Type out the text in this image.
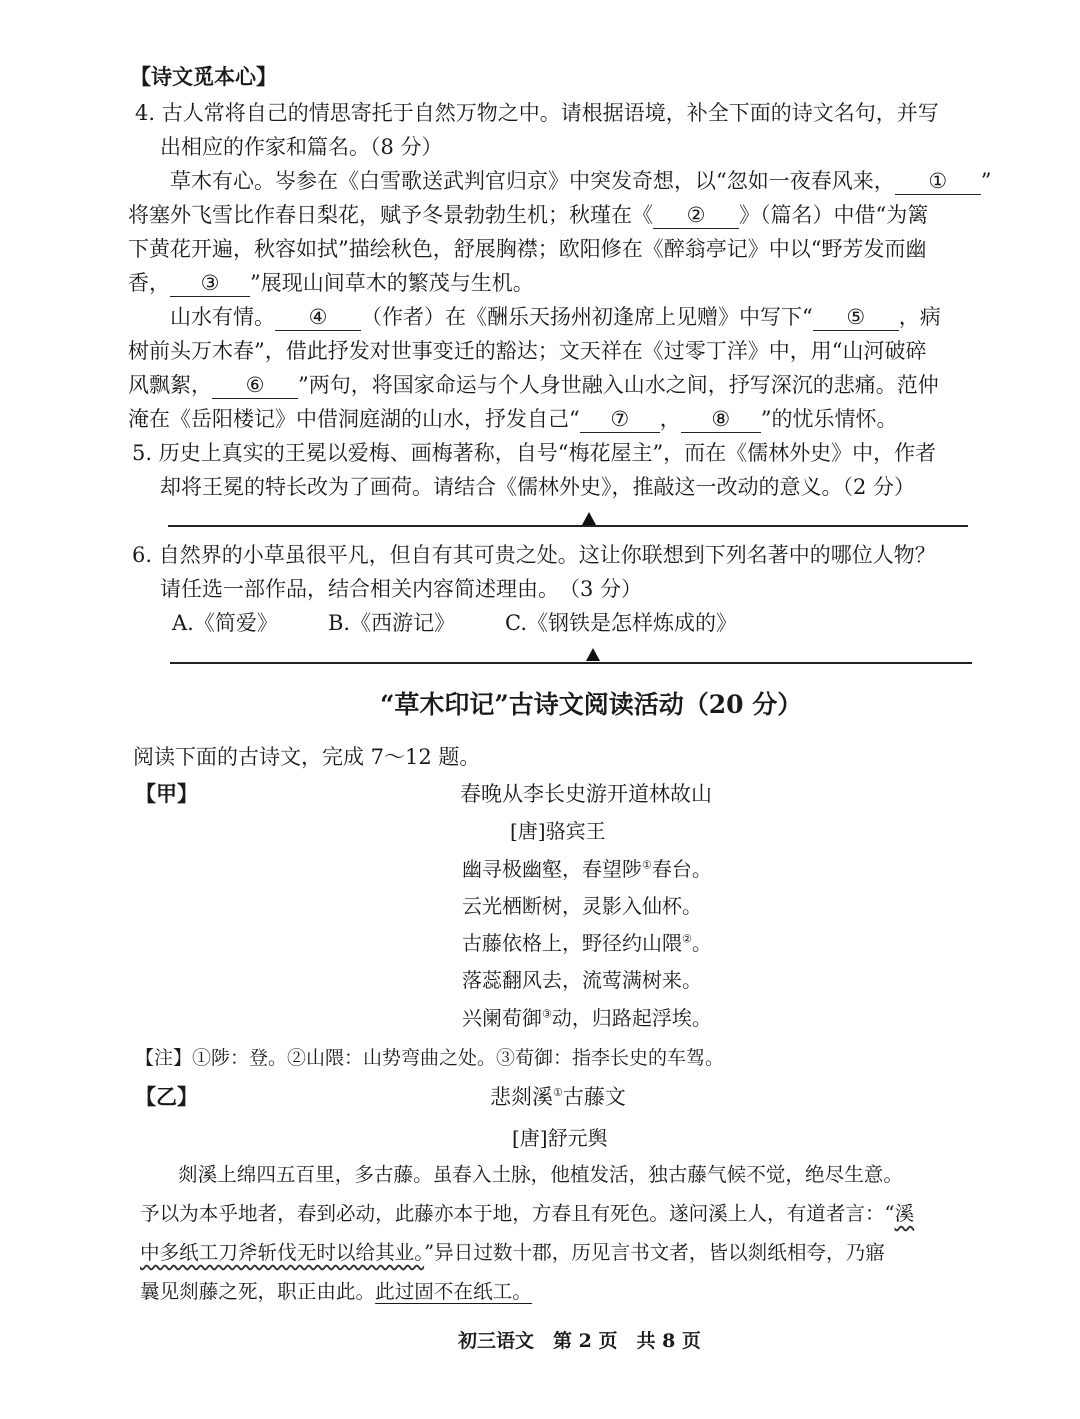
【诗文觅本心】
4. 古人常将自己的情思寄托于自然万物之中。请根据语境，补全下面的诗文名句，并写
出相应的作家和篇名。（8 分）
草木有心。岑参在《白雪歌送武判官归京》中突发奇想，以“忽如一夜春风来， ① ”
将塞外飞雪比作春日梨花，赋予冬景勃勃生机；秋瑾在《 ② 》（篇名）中借“为篱
下黄花开遍，秋容如拭”描绘秋色，舒展胸襟；欧阳修在《醉翁亭记》中以“野芳发而幽
香， ③ ”展现山间草木的繁茂与生机。
山水有情。 ④ （作者）在《酬乐天扬州初逢席上见赠》中写下“ ⑤ ，病
树前头万木春”，借此抒发对世事变迁的豁达；文天祥在《过零丁洋》中，用“山河破碎
风飘絮， ⑥ ”两句，将国家命运与个人身世融入山水之间，抒写深沉的悲痛。范仲
淹在《岳阳楼记》中借洞庭湖的山水，抒发自己“ ⑦ ， ⑧ ”的忧乐情怀。
5. 历史上真实的王冕以爱梅、画梅著称，自号“梅花屋主”，而在《儒林外史》中，作者
却将王冕的特长改为了画荷。请结合《儒林外史》，推敲这一改动的意义。（2 分）
6. 自然界的小草虽很平凡，但自有其可贵之处。这让你联想到下列名著中的哪位人物？
请任选一部作品，结合相关内容简述理由。　（3 分）
A.《简爱》 B.《西游记》 C.《钢铁是怎样炼成的》
“草木印记”古诗文阅读活动（20 分）
阅读下面的古诗文，完成 7～12 题。
【甲】	春晚从李长史游开道林故山
[唐]骆宾王
幽寻极幽壑，春望陟①春台。
云光栖断树，灵影入仙杯。
古藤依格上，野径约山隈②。
落蕊翻风去，流莺满树来。
兴阑荀御③动，归路起浮埃。
【注】①陟：登。②山隈：山势弯曲之处。③荀御：指李长史的车驾。
【乙】	悲剡溪①古藤文
[唐]舒元舆
剡溪上绵四五百里，多古藤。虽春入土脉，他植发活，独古藤气候不觉，绝尽生意。
予以为本乎地者，春到必动，此藤亦本于地，方春且有死色。遂问溪上人，有道者言：“溪
中多纸工刀斧斩伐无时以给其业。”异日过数十郡，历见言书文者，皆以剡纸相夸，乃寤
曩见剡藤之死，职正由此。此过固不在纸工。
初三语文　第 2 页　共 8 页
